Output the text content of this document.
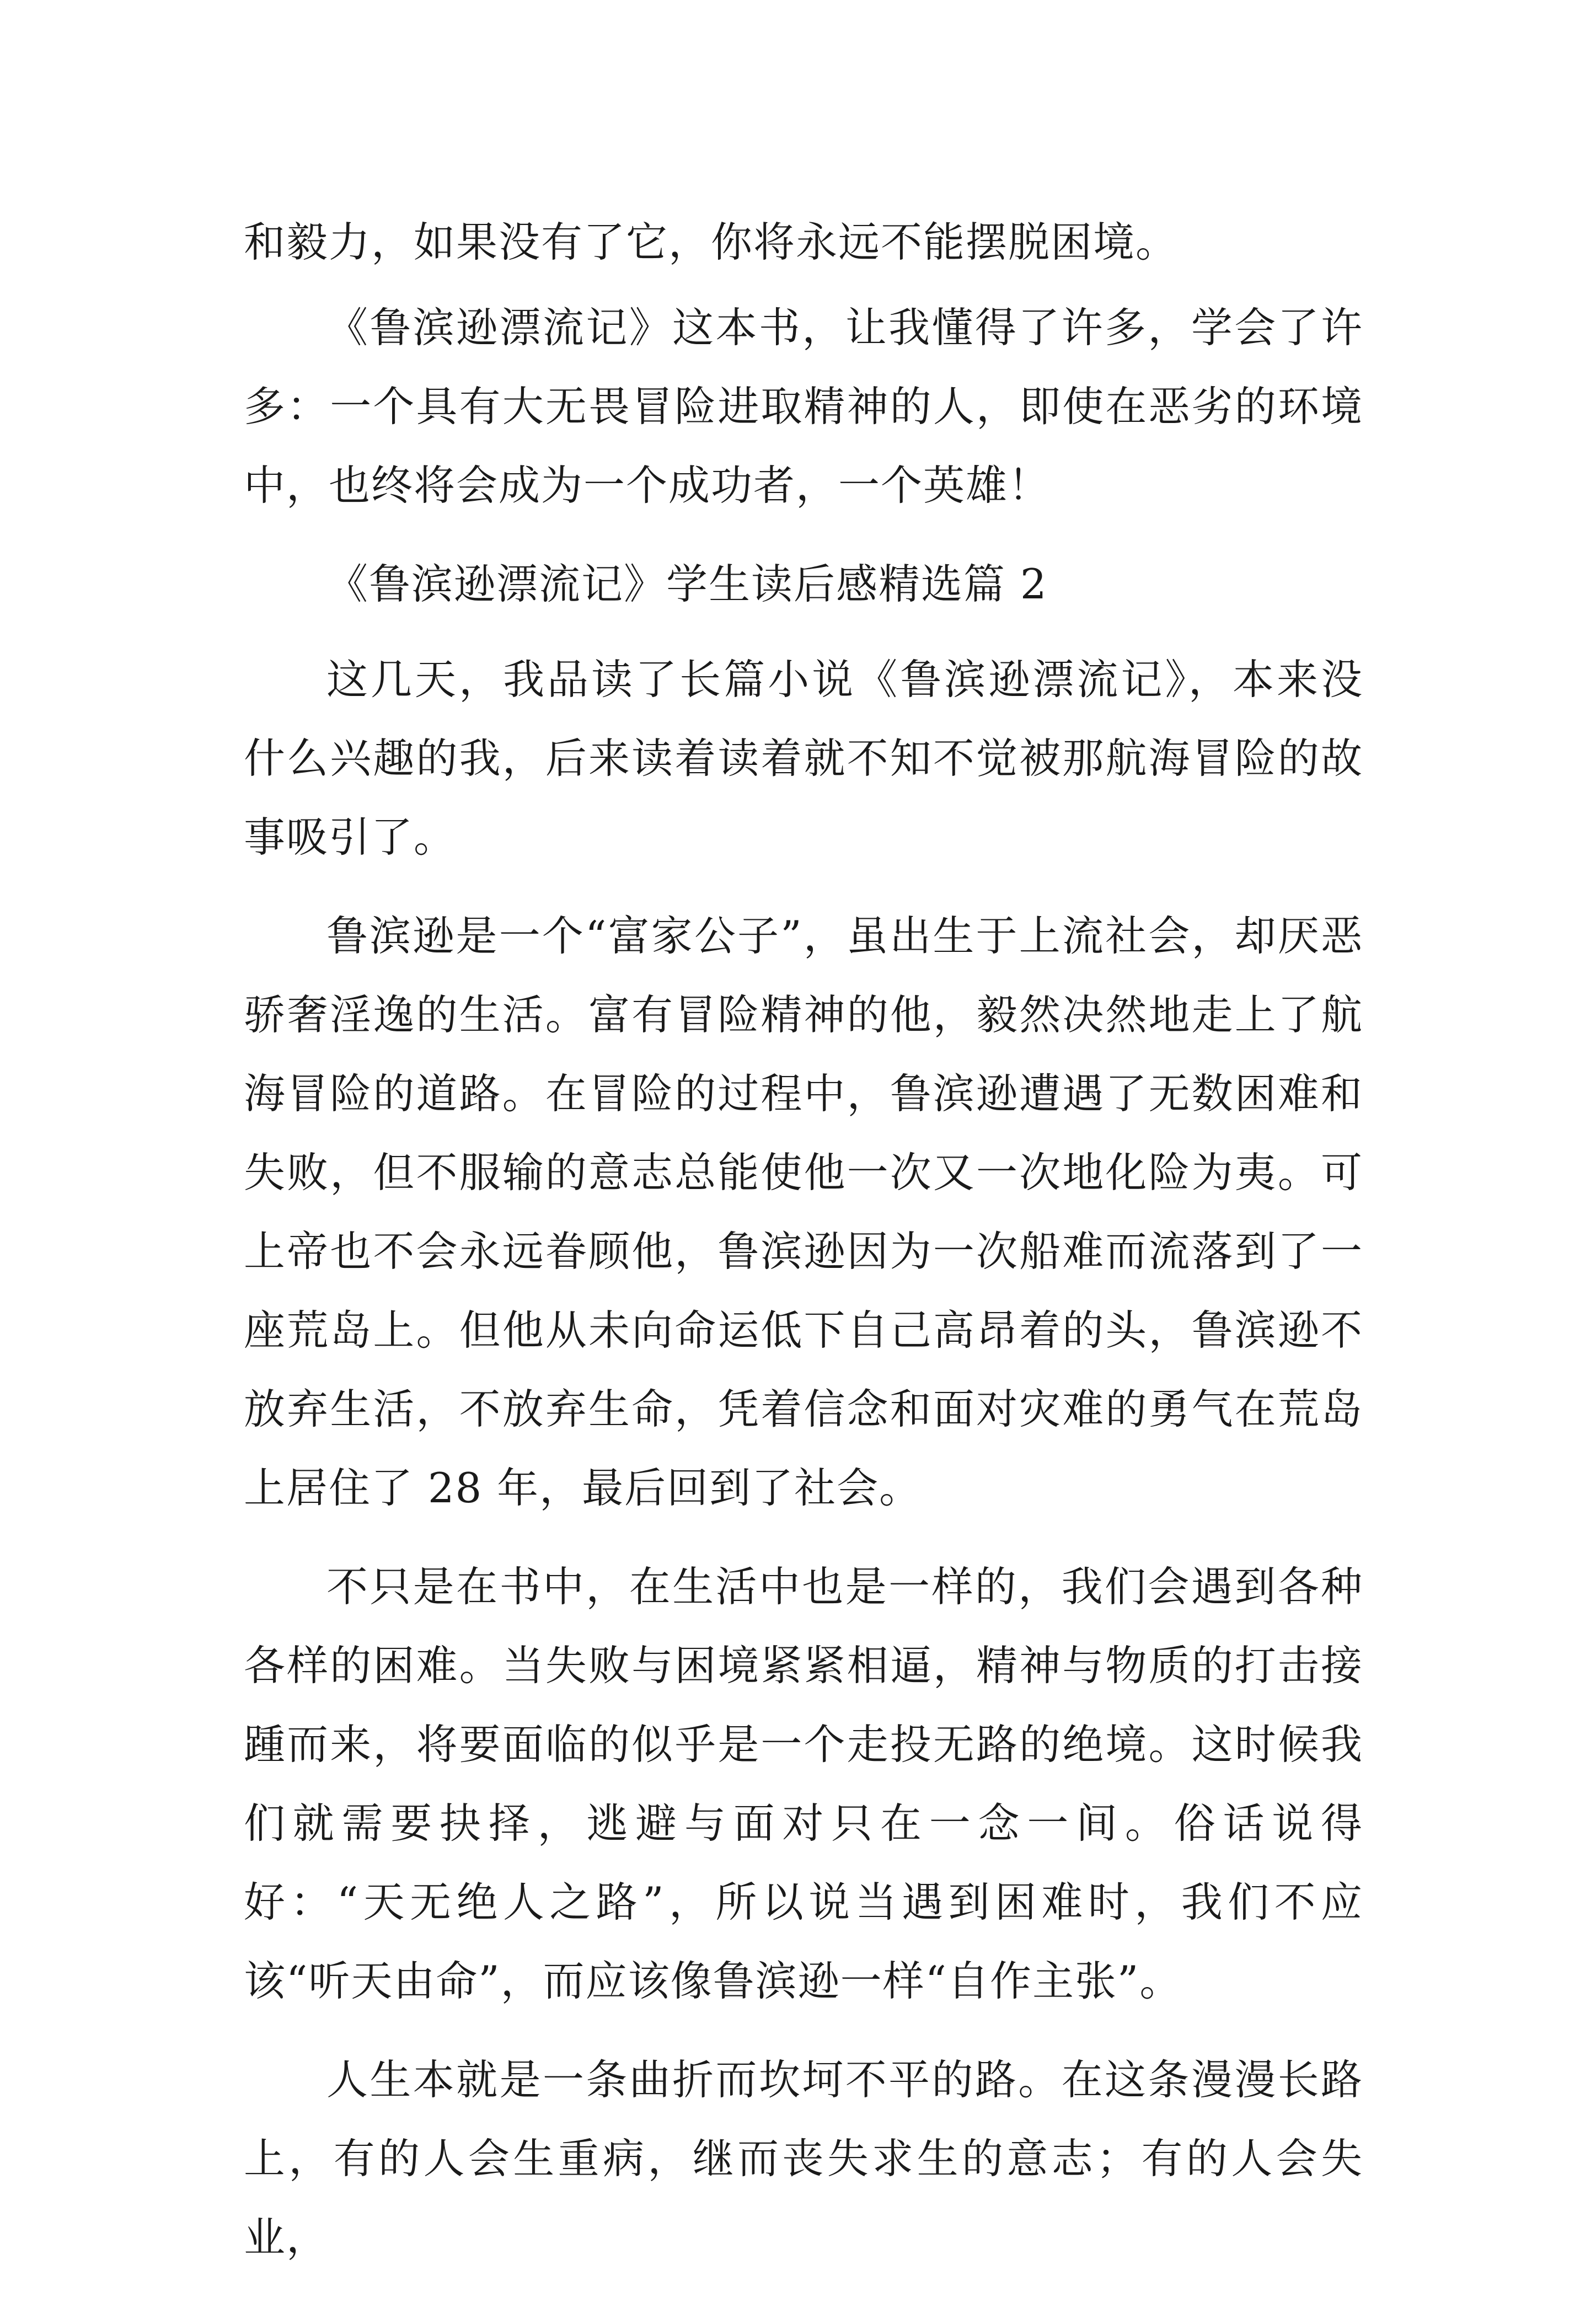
和毅力，如果没有了它，你将永远不能摆脱困境。

《鲁滨逊漂流记》这本书，让我懂得了许多，学会了许多：一个具有大无畏冒险进取精神的人，即使在恶劣的环境中，也终将会成为一个成功者，一个英雄！

《鲁滨逊漂流记》学生读后感精选篇 2

这几天，我品读了长篇小说《鲁滨逊漂流记》，本来没什么兴趣的我，后来读着读着就不知不觉被那航海冒险的故事吸引了。

鲁滨逊是一个“富家公子”，虽出生于上流社会，却厌恶骄奢淫逸的生活。富有冒险精神的他，毅然决然地走上了航海冒险的道路。在冒险的过程中，鲁滨逊遭遇了无数困难和失败，但不服输的意志总能使他一次又一次地化险为夷。可上帝也不会永远眷顾他，鲁滨逊因为一次船难而流落到了一座荒岛上。但他从未向命运低下自己高昂着的头，鲁滨逊不放弃生活，不放弃生命，凭着信念和面对灾难的勇气在荒岛上居住了 28 年，最后回到了社会。

不只是在书中，在生活中也是一样的，我们会遇到各种各样的困难。当失败与困境紧紧相逼，精神与物质的打击接踵而来，将要面临的似乎是一个走投无路的绝境。这时候我们就需要抉择，逃避与面对只在一念一间。俗话说得好：“天无绝人之路”，所以说当遇到困难时，我们不应该“听天由命”，而应该像鲁滨逊一样“自作主张”。

人生本就是一条曲折而坎坷不平的路。在这条漫漫长路上，有的人会生重病，继而丧失求生的意志；有的人会失业，
